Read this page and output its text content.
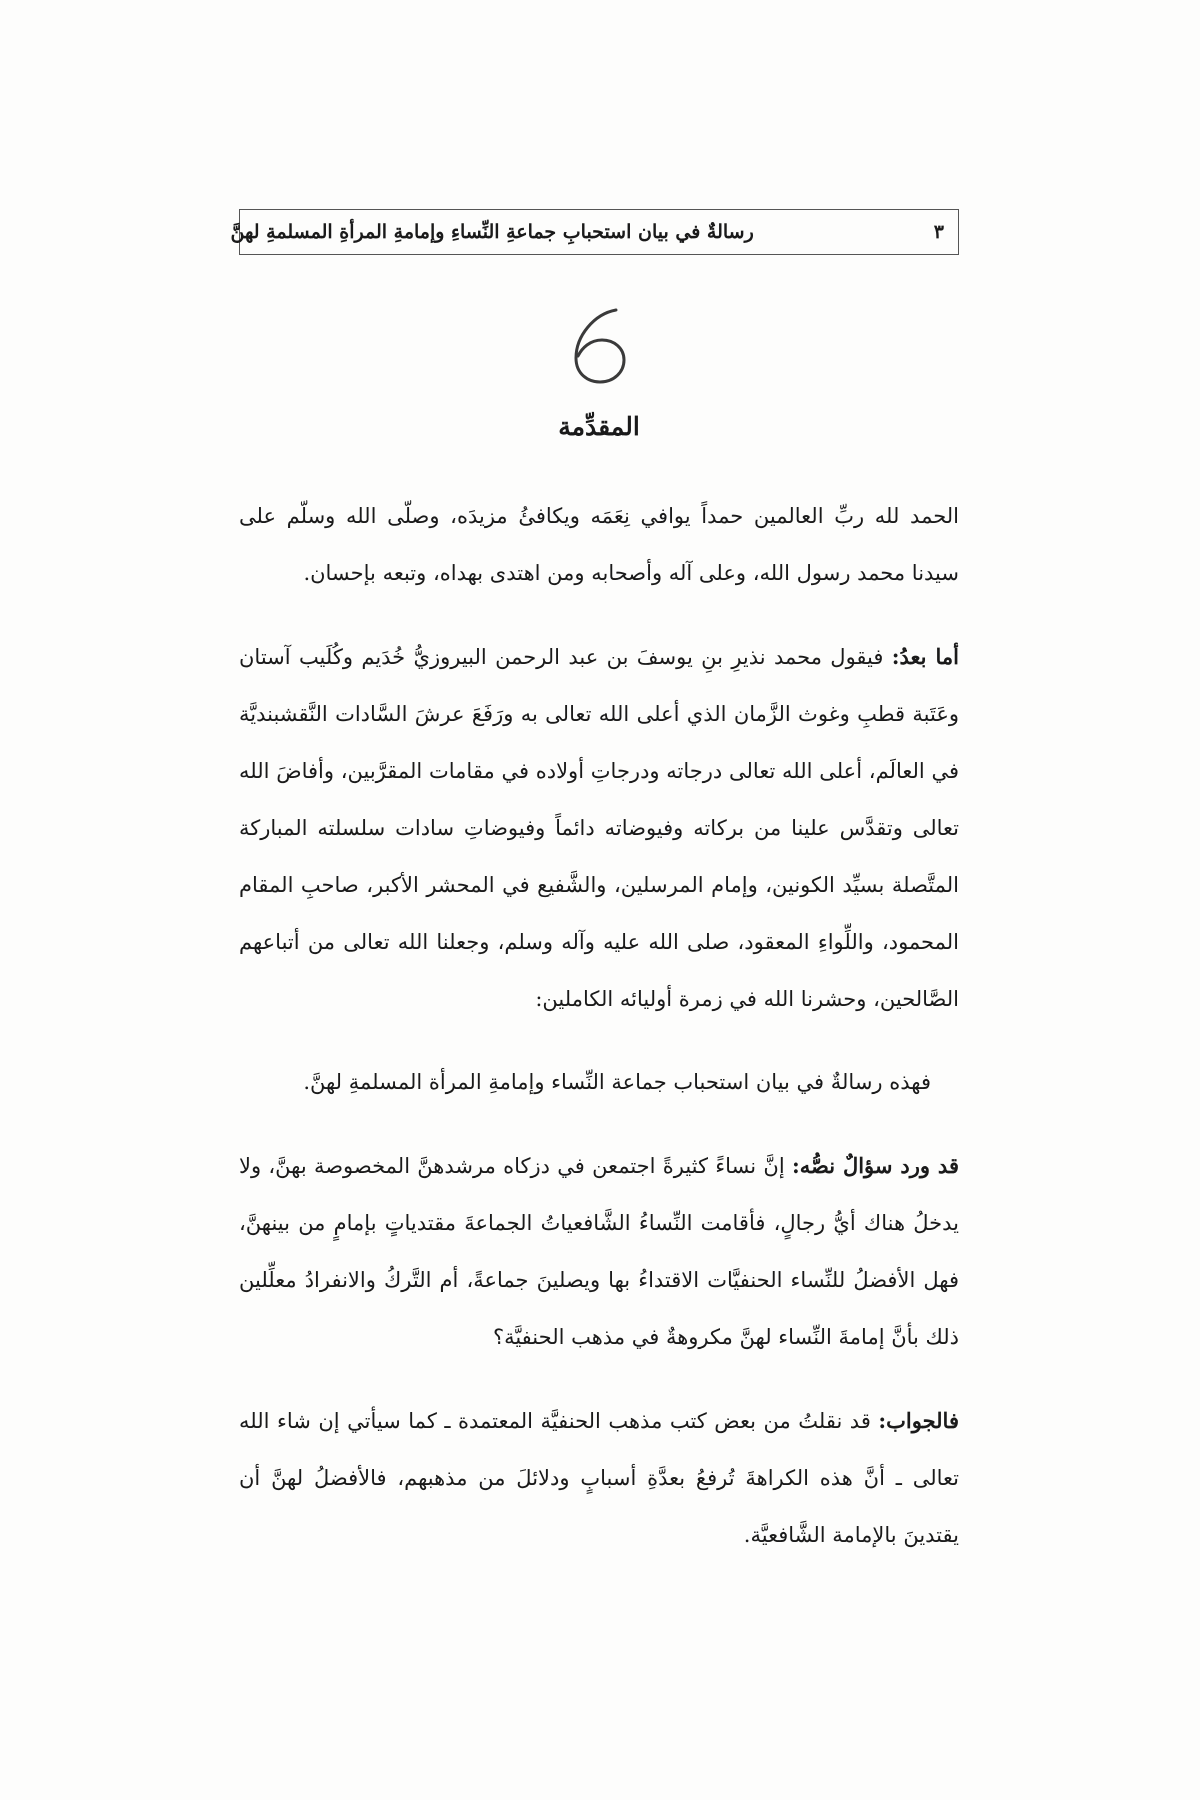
٣
رسالةٌ في بيان استحبابِ جماعةِ النِّساءِ وإمامةِ المرأةِ المسلمةِ لهنَّ
المقدِّمة

الحمد لله ربِّ العالمين حمداً يوافي نِعَمَه ويكافئُ مزيدَه، وصلّى الله وسلّم على سيدنا محمد رسول الله، وعلى آله وأصحابه ومن اهتدى بهداه، وتبعه بإحسان.

أما بعدُ: فيقول محمد نذيرِ بنِ يوسفَ بن عبد الرحمن البيروزيُّ خُدَيم وكُلَيب آستان وعَتَبة قطبِ وغوث الزَّمان الذي أعلى الله تعالى به ورَفَعَ عرشَ السَّادات النَّقشبنديَّة في العالَم، أعلى الله تعالى درجاته ودرجاتِ أولاده في مقامات المقرَّبين، وأفاضَ الله تعالى وتقدَّس علينا من بركاته وفيوضاته دائماً وفيوضاتِ سادات سلسلته المباركة المتَّصلة بسيِّد الكونين، وإمام المرسلين، والشَّفيع في المحشر الأكبر، صاحبِ المقام المحمود، واللِّواءِ المعقود، صلى الله عليه وآله وسلم، وجعلنا الله تعالى من أتباعهم الصَّالحين، وحشرنا الله في زمرة أوليائه الكاملين:

فهذه رسالةٌ في بيان استحباب جماعة النِّساء وإمامةِ المرأة المسلمةِ لهنَّ.

قد ورد سؤالٌ نصُّه: إنَّ نساءً كثيرةً اجتمعن في دزكاه مرشدهنَّ المخصوصة بهنَّ، ولا يدخلُ هناك أيُّ رجالٍ، فأقامت النِّساءُ الشَّافعياتُ الجماعةَ مقتدياتٍ بإمامٍ من بينهنَّ، فهل الأفضلُ للنِّساء الحنفيَّات الاقتداءُ بها ويصلينَ جماعةً، أم التَّركُ والانفرادُ معلِّلين ذلك بأنَّ إمامةَ النِّساء لهنَّ مكروهةٌ في مذهب الحنفيَّة؟

فالجواب: قد نقلتُ من بعض كتب مذهب الحنفيَّة المعتمدة ـ كما سيأتي إن شاء الله تعالى ـ أنَّ هذه الكراهةَ تُرفعُ بعدَّةِ أسبابٍ ودلائلَ من مذهبهم، فالأفضلُ لهنَّ أن يقتدينَ بالإمامة الشَّافعيَّة.
